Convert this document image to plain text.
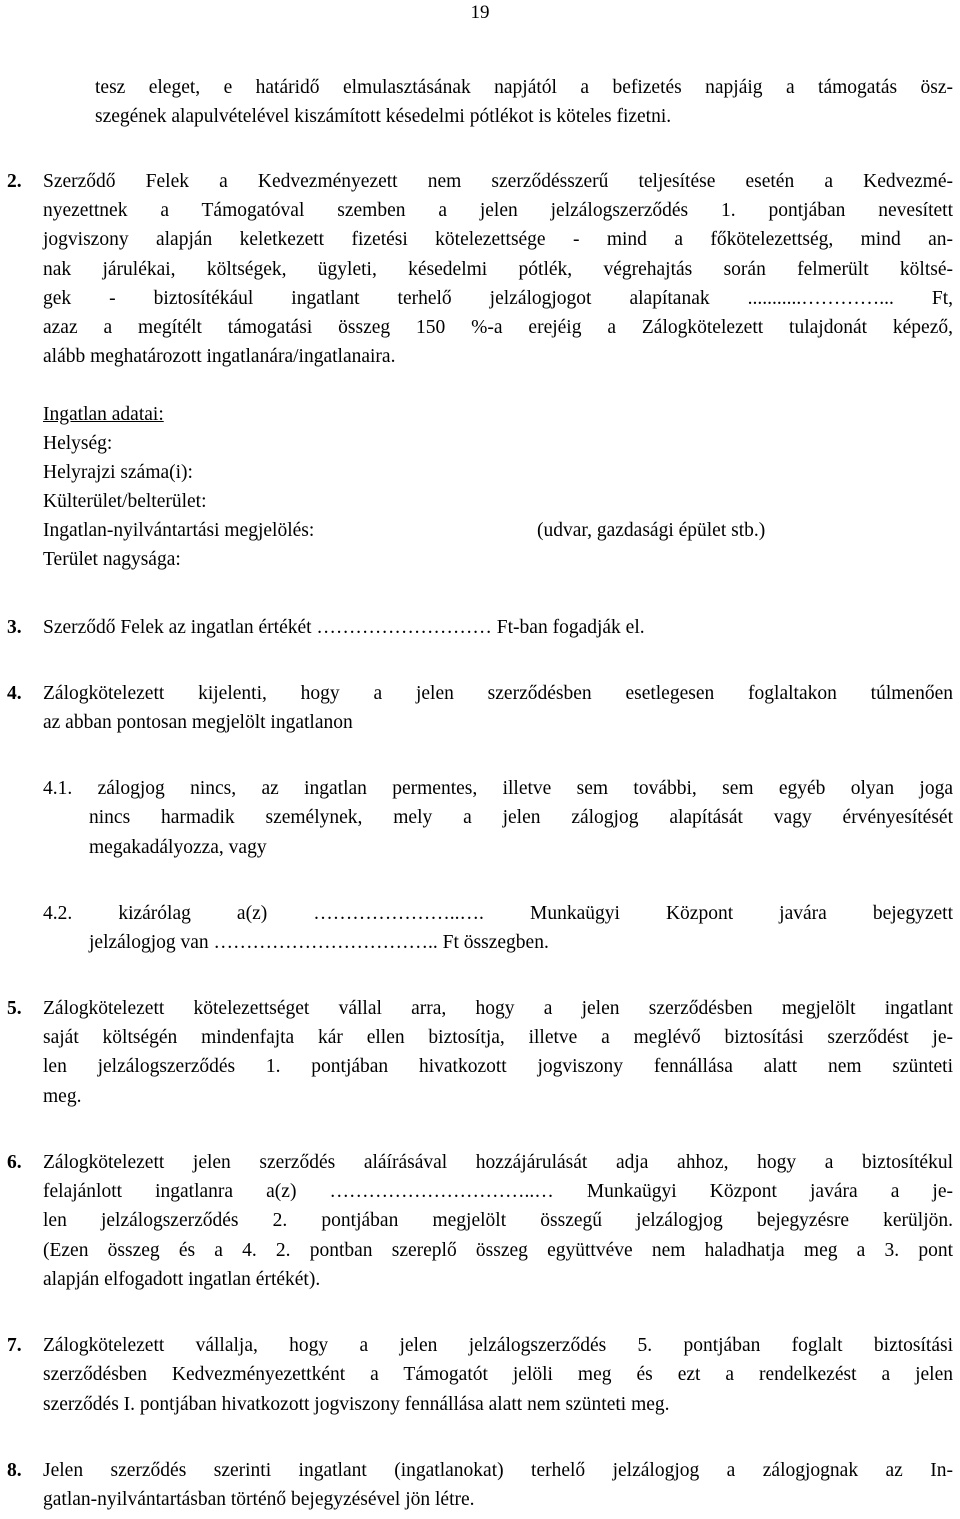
19
tesz eleget, e határidő elmulasztásának napjától a befizetés napjáig a támogatás ösz-
szegének alapulvételével kiszámított késedelmi pótlékot is köteles fizetni.
2. Szerződő Felek a Kedvezményezett nem szerződésszerű teljesítése esetén a Kedvezmé-
nyezettnek a Támogatóval szemben a jelen jelzálogszerződés 1. pontjában nevesített
jogviszony alapján keletkezett fizetési kötelezettsége - mind a főkötelezettség, mind an-
nak járulékai, költségek, ügyleti, késedelmi pótlék, végrehajtás során felmerült költsé-
gek - biztosítékául ingatlant terhelő jelzálogjogot alapítanak ...........…………... Ft,
azaz a megítélt támogatási összeg 150 %-a erejéig a Zálogkötelezett tulajdonát képező,
alább meghatározott ingatlanára/ingatlanaira.
Ingatlan adatai:
Helység:
Helyrajzi száma(i):
Külterület/belterület:
Ingatlan-nyilvántartási megjelölés:	(udvar, gazdasági épület stb.)
Terület nagysága:
3. Szerződő Felek az ingatlan értékét ……………………… Ft-ban fogadják el.
4. Zálogkötelezett kijelenti, hogy a jelen szerződésben esetlegesen foglaltakon túlmenően
az abban pontosan megjelölt ingatlanon
4.1. zálogjog nincs, az ingatlan permentes, illetve sem további, sem egyéb olyan joga
nincs harmadik személynek, mely a jelen zálogjog alapítását vagy érvényesítését
megakadályozza, vagy
4.2. kizárólag a(z) …………………..…. Munkaügyi Központ javára bejegyzett
jelzálogjog van …………………………….. Ft összegben.
5. Zálogkötelezett kötelezettséget vállal arra, hogy a jelen szerződésben megjelölt ingatlant
saját költségén mindenfajta kár ellen biztosítja, illetve a meglévő biztosítási szerződést je-
len jelzálogszerződés 1. pontjában hivatkozott jogviszony fennállása alatt nem szünteti
meg.
6. Zálogkötelezett jelen szerződés aláírásával hozzájárulását adja ahhoz, hogy a biztosítékul
felajánlott ingatlanra a(z) …………………………..… Munkaügyi Központ javára a je-
len jelzálogszerződés 2. pontjában megjelölt összegű jelzálogjog bejegyzésre kerüljön.
(Ezen összeg és a 4. 2. pontban szereplő összeg együttvéve nem haladhatja meg a 3. pont
alapján elfogadott ingatlan értékét).
7. Zálogkötelezett vállalja, hogy a jelen jelzálogszerződés 5. pontjában foglalt biztosítási
szerződésben Kedvezményezettként a Támogatót jelöli meg és ezt a rendelkezést a jelen
szerződés I. pontjában hivatkozott jogviszony fennállása alatt nem szünteti meg.
8. Jelen szerződés szerinti ingatlant (ingatlanokat) terhelő jelzálogjog a zálogjognak az In-
gatlan-nyilvántartásban történő bejegyzésével jön létre.
